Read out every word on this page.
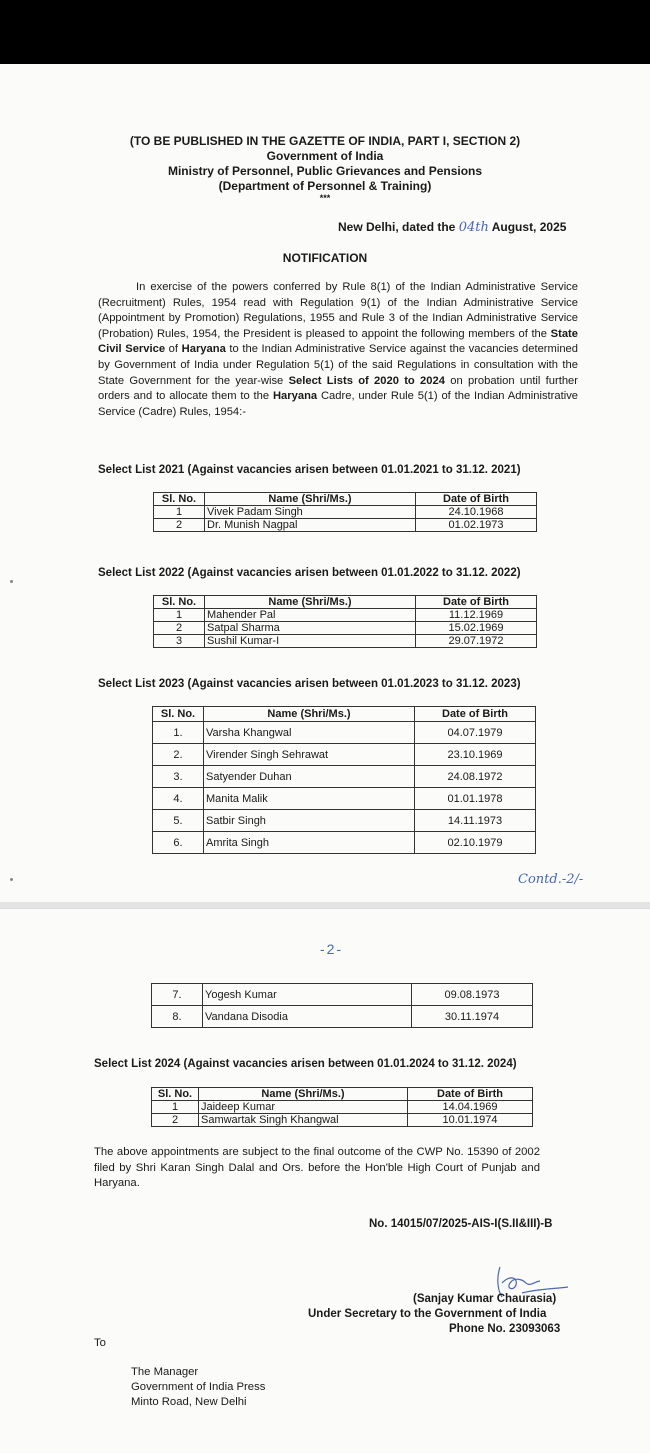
(TO BE PUBLISHED IN THE GAZETTE OF INDIA, PART I, SECTION 2)
Government of India
Ministry of Personnel, Public Grievances and Pensions
(Department of Personnel & Training)
***
New Delhi, dated the 04th August, 2025
NOTIFICATION
In exercise of the powers conferred by Rule 8(1) of the Indian Administrative Service (Recruitment) Rules, 1954 read with Regulation 9(1) of the Indian Administrative Service (Appointment by Promotion) Regulations, 1955 and Rule 3 of the Indian Administrative Service (Probation) Rules, 1954, the President is pleased to appoint the following members of the State Civil Service of Haryana to the Indian Administrative Service against the vacancies determined by Government of India under Regulation 5(1) of the said Regulations in consultation with the State Government for the year-wise Select Lists of 2020 to 2024 on probation until further orders and to allocate them to the Haryana Cadre, under Rule 5(1) of the Indian Administrative Service (Cadre) Rules, 1954:-
Select List 2021 (Against vacancies arisen between 01.01.2021 to 31.12. 2021)
Sl. No.	Name (Shri/Ms.)	Date of Birth
1	Vivek Padam Singh	24.10.1968
2	Dr. Munish Nagpal	01.02.1973
Select List 2022 (Against vacancies arisen between 01.01.2022 to 31.12. 2022)
Sl. No.	Name (Shri/Ms.)	Date of Birth
1	Mahender Pal	11.12.1969
2	Satpal Sharma	15.02.1969
3	Sushil Kumar-I	29.07.1972
Select List 2023 (Against vacancies arisen between 01.01.2023 to 31.12. 2023)
Sl. No.	Name (Shri/Ms.)	Date of Birth
1.	Varsha Khangwal	04.07.1979
2.	Virender Singh Sehrawat	23.10.1969
3.	Satyender Duhan	24.08.1972
4.	Manita Malik	01.01.1978
5.	Satbir Singh	14.11.1973
6.	Amrita Singh	02.10.1979
Contd.-2/-
-2-
7.	Yogesh Kumar	09.08.1973
8.	Vandana Disodia	30.11.1974
Select List 2024 (Against vacancies arisen between 01.01.2024 to 31.12. 2024)
Sl. No.	Name (Shri/Ms.)	Date of Birth
1	Jaideep Kumar	14.04.1969
2	Samwartak Singh Khangwal	10.01.1974
The above appointments are subject to the final outcome of the CWP No. 15390 of 2002 filed by Shri Karan Singh Dalal and Ors. before the Hon'ble High Court of Punjab and Haryana.
No. 14015/07/2025-AIS-I(S.II&III)-B
(Sanjay Kumar Chaurasia)
Under Secretary to the Government of India
Phone No. 23093063
To
The Manager
Government of India Press
Minto Road, New Delhi
